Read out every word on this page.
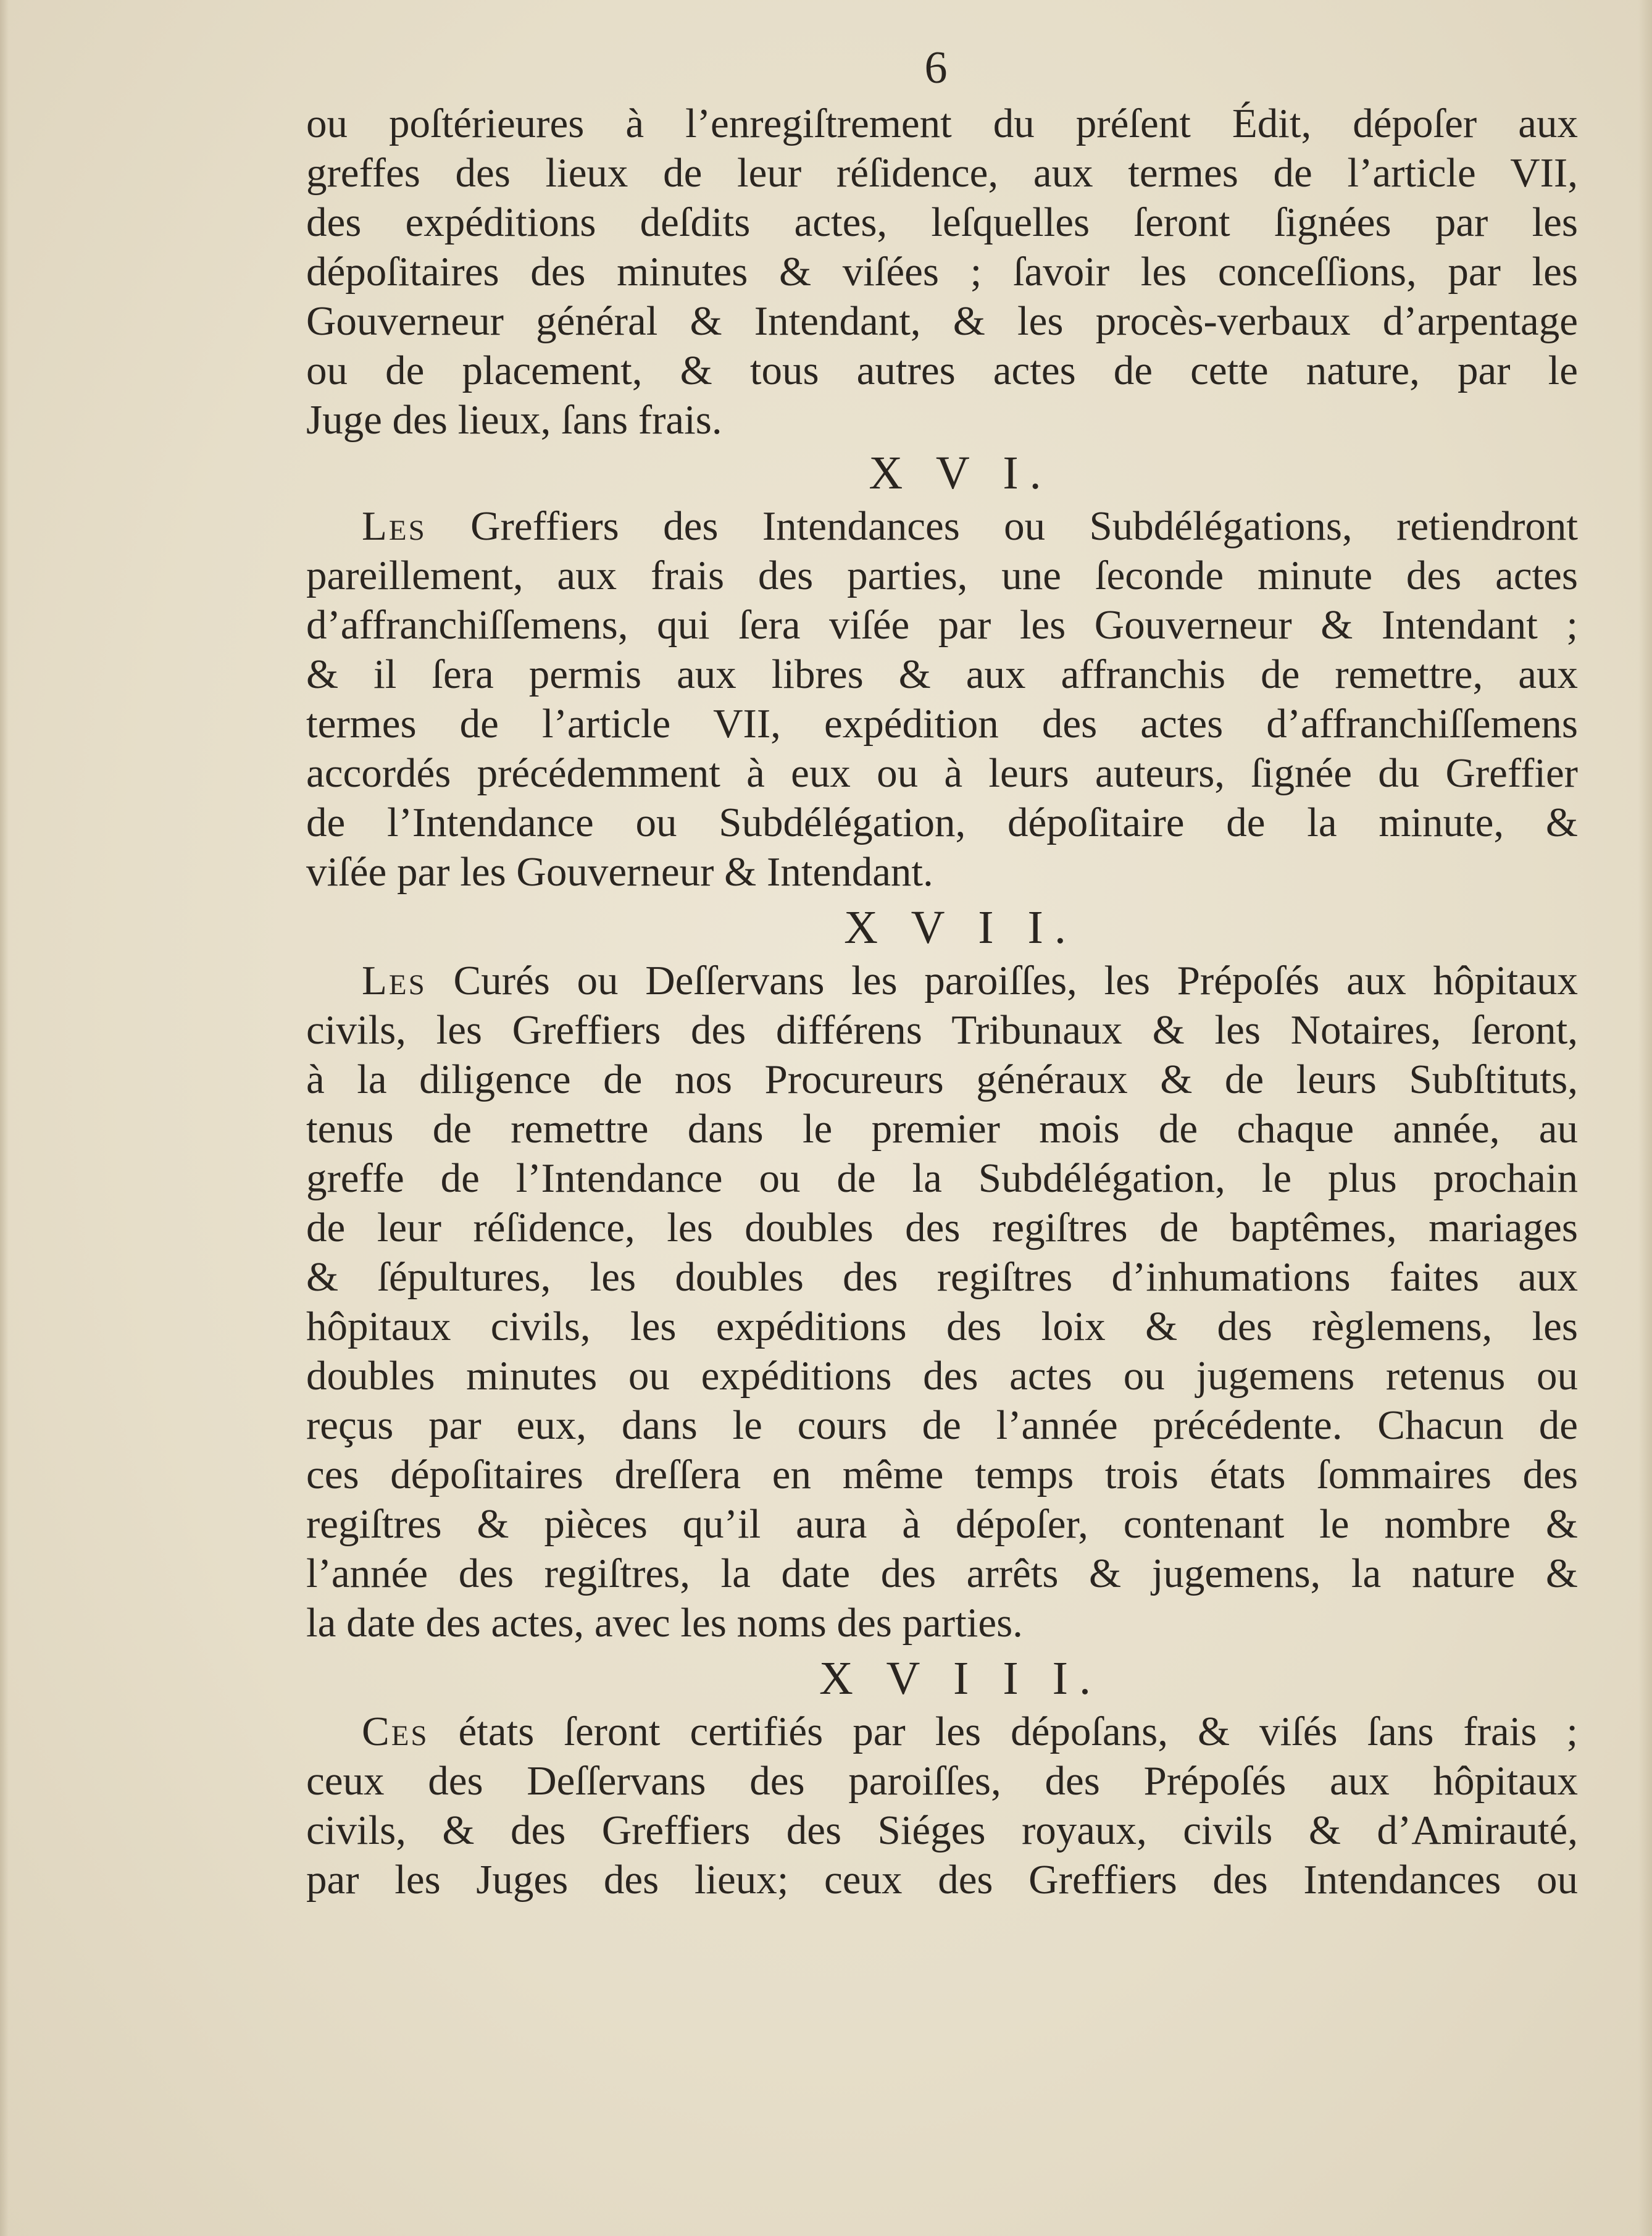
6
ou poſtérieures à l’enregiſtrement du préſent Édit, dépoſer aux
greffes des lieux de leur réſidence, aux termes de l’article VII,
des expéditions deſdits actes, leſquelles ſeront ſignées par les
dépoſitaires des minutes & viſées ; ſavoir les conceſſions, par les
Gouverneur général & Intendant, & les procès-verbaux d’arpentage
ou de placement, & tous autres actes de cette nature, par le
Juge des lieux, ſans frais.
X V I.
Les Greffiers des Intendances ou Subdélégations, retiendront
pareillement, aux frais des parties, une ſeconde minute des actes
d’affranchiſſemens, qui ſera viſée par les Gouverneur & Intendant ;
& il ſera permis aux libres & aux affranchis de remettre, aux
termes de l’article VII, expédition des actes d’affranchiſſemens
accordés précédemment à eux ou à leurs auteurs, ſignée du Greffier
de l’Intendance ou Subdélégation, dépoſitaire de la minute, &
viſée par les Gouverneur & Intendant.
X V I I.
Les Curés ou Deſſervans les paroiſſes, les Prépoſés aux hôpitaux
civils, les Greffiers des différens Tribunaux & les Notaires, ſeront,
à la diligence de nos Procureurs généraux & de leurs Subſtituts,
tenus de remettre dans le premier mois de chaque année, au
greffe de l’Intendance ou de la Subdélégation, le plus prochain
de leur réſidence, les doubles des regiſtres de baptêmes, mariages
& ſépultures, les doubles des regiſtres d’inhumations faites aux
hôpitaux civils, les expéditions des loix & des règlemens, les
doubles minutes ou expéditions des actes ou jugemens retenus ou
reçus par eux, dans le cours de l’année précédente. Chacun de
ces dépoſitaires dreſſera en même temps trois états ſommaires des
regiſtres & pièces qu’il aura à dépoſer, contenant le nombre &
l’année des regiſtres, la date des arrêts & jugemens, la nature &
la date des actes, avec les noms des parties.
X V I I I.
Ces états ſeront certifiés par les dépoſans, & viſés ſans frais ;
ceux des Deſſervans des paroiſſes, des Prépoſés aux hôpitaux
civils, & des Greffiers des Siéges royaux, civils & d’Amirauté,
par les Juges des lieux; ceux des Greffiers des Intendances ou
